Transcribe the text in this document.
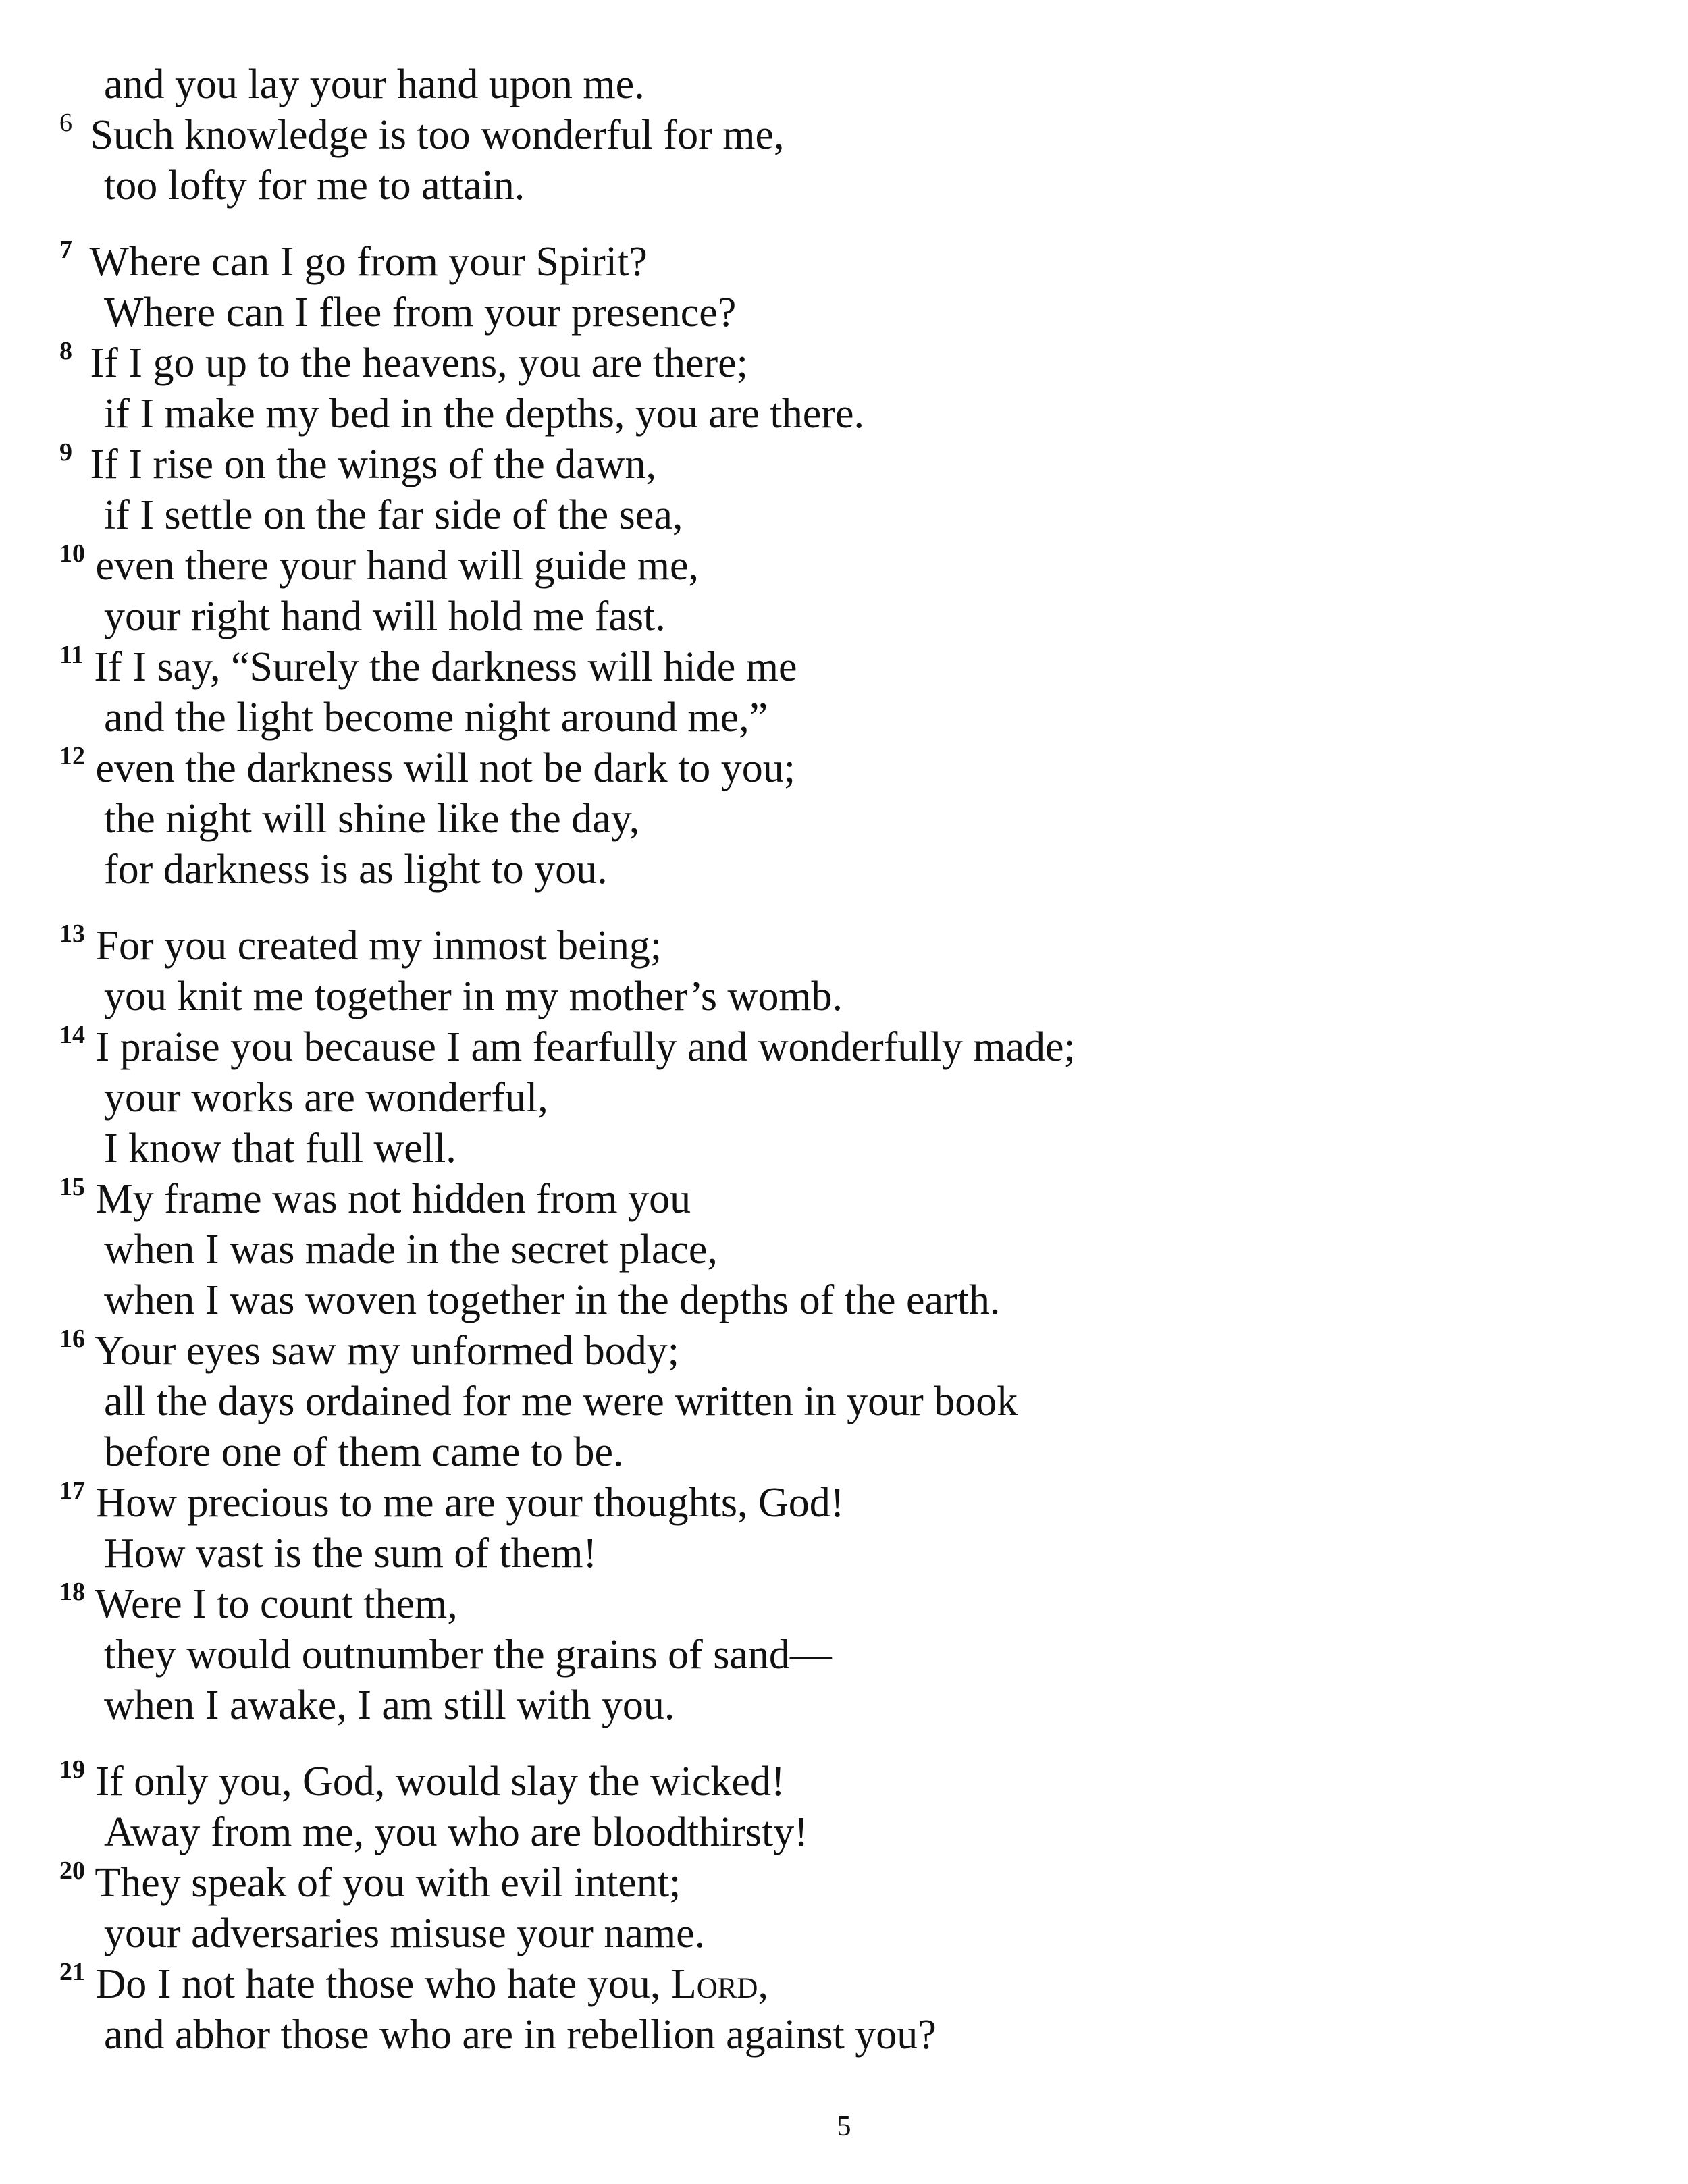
and you lay your hand upon me.
6 Such knowledge is too wonderful for me,
too lofty for me to attain.
7 Where can I go from your Spirit?
Where can I flee from your presence?
8 If I go up to the heavens, you are there;
if I make my bed in the depths, you are there.
9 If I rise on the wings of the dawn,
if I settle on the far side of the sea,
10 even there your hand will guide me,
your right hand will hold me fast.
11 If I say, “Surely the darkness will hide me
and the light become night around me,”
12 even the darkness will not be dark to you;
the night will shine like the day,
for darkness is as light to you.
13 For you created my inmost being;
you knit me together in my mother’s womb.
14 I praise you because I am fearfully and wonderfully made;
your works are wonderful,
I know that full well.
15 My frame was not hidden from you
when I was made in the secret place,
when I was woven together in the depths of the earth.
16 Your eyes saw my unformed body;
all the days ordained for me were written in your book
before one of them came to be.
17 How precious to me are your thoughts, God!
How vast is the sum of them!
18 Were I to count them,
they would outnumber the grains of sand—
when I awake, I am still with you.
19 If only you, God, would slay the wicked!
Away from me, you who are bloodthirsty!
20 They speak of you with evil intent;
your adversaries misuse your name.
21 Do I not hate those who hate you, Lord,
and abhor those who are in rebellion against you?
5
